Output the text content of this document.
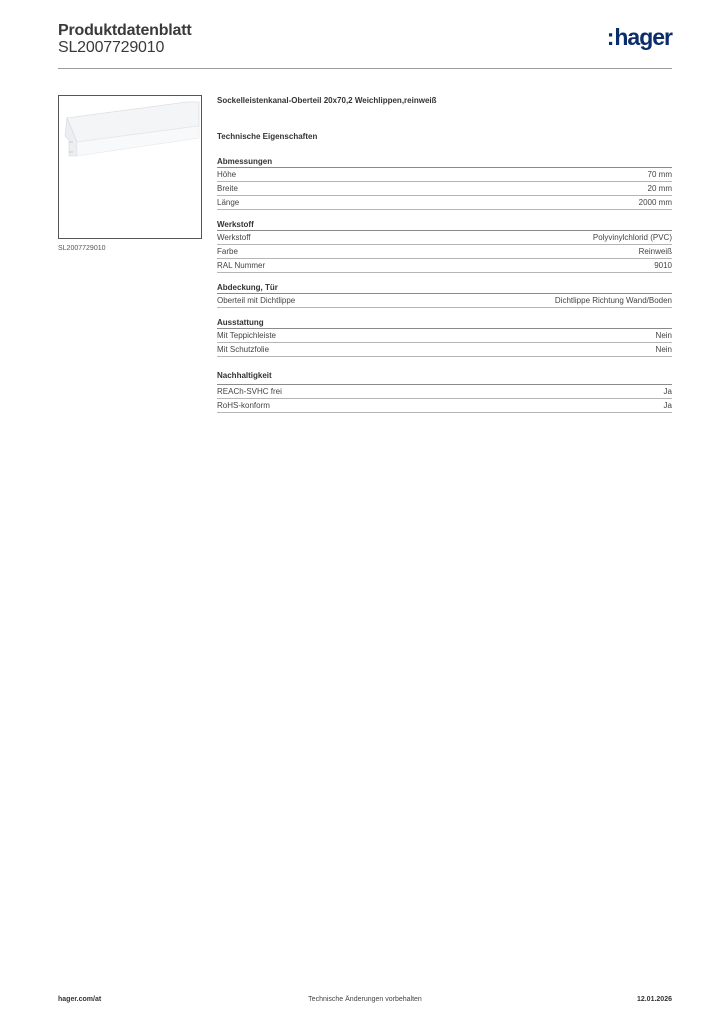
Produktdatenblatt
SL2007729010	:hager
SL2007729010
Sockelleistenkanal-Oberteil 20x70,2 Weichlippen,reinweiß
Technische Eigenschaften
Abmessungen
Höhe	70 mm
Breite	20 mm
Länge	2000 mm
Werkstoff
Werkstoff	Polyvinylchlorid (PVC)
Farbe	Reinweiß
RAL Nummer	9010
Abdeckung, Tür
Oberteil mit Dichtlippe	Dichtlippe Richtung Wand/Boden
Ausstattung
Mit Teppichleiste	Nein
Mit Schutzfolie	Nein
Nachhaltigkeit
REACh-SVHC frei	Ja
RoHS-konform	Ja
hager.com/at	Technische Änderungen vorbehalten	12.01.2026
